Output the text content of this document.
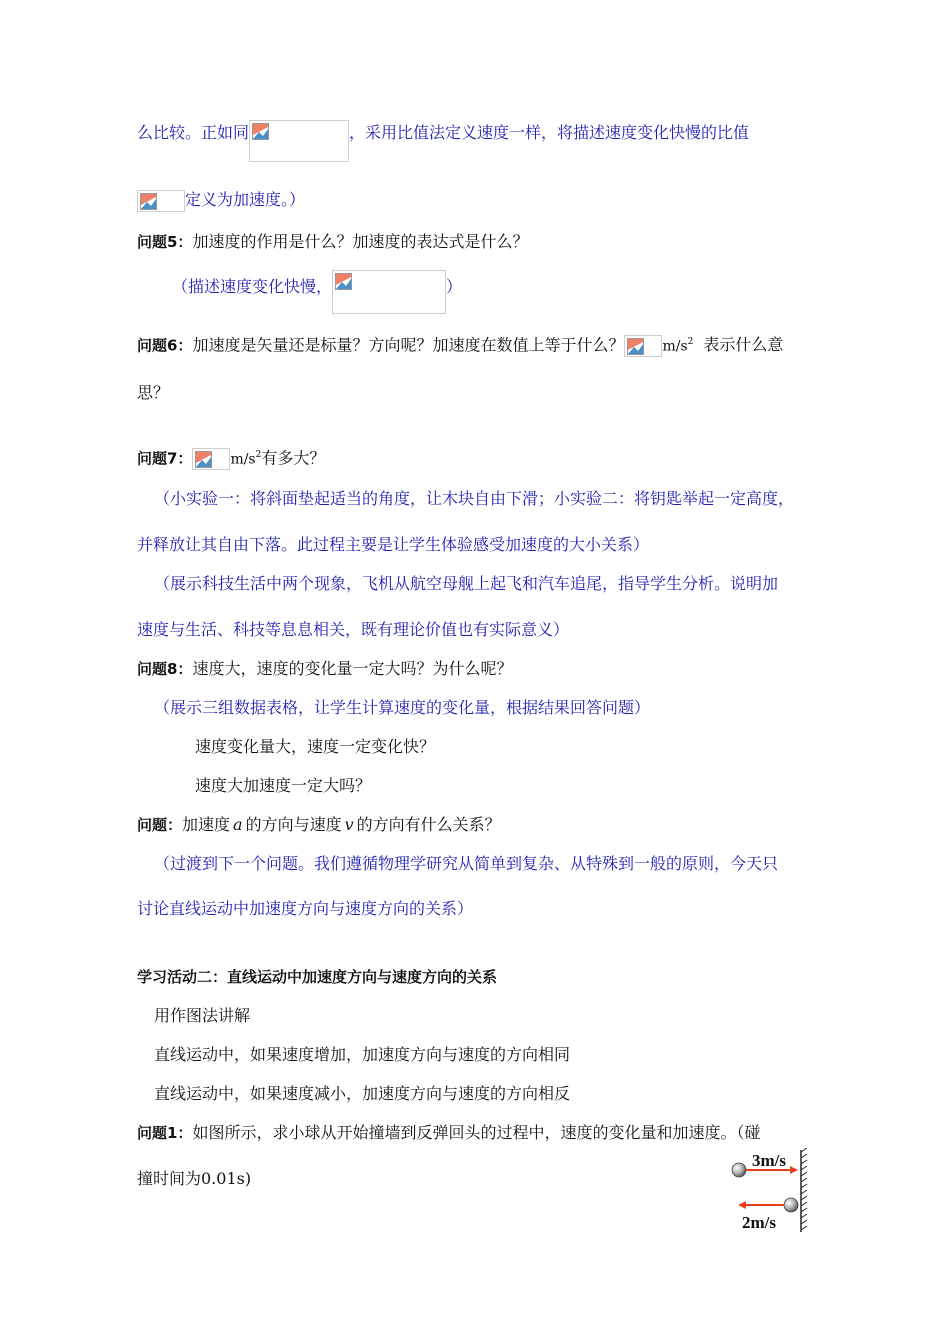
么比较。正如同	，采用比值法定义速度一样，将描述速度变化快慢的比值
定义为加速度。）
问题5：加速度的作用是什么？加速度的表达式是什么？
（描述速度变化快慢，	）
问题6：加速度是矢量还是标量？方向呢？加速度在数值上等于什么？	$m/s^2$ 表示什么意
思？
问题7：	$m/s^2$有多大？
（小实验一：将斜面垫起适当的角度，让木块自由下滑；小实验二：将钥匙举起一定高度，
并释放让其自由下落。此过程主要是让学生体验感受加速度的大小关系）
（展示科技生活中两个现象，飞机从航空母舰上起飞和汽车追尾，指导学生分析。说明加
速度与生活、科技等息息相关，既有理论价值也有实际意义）
问题8：速度大，速度的变化量一定大吗？为什么呢？
（展示三组数据表格，让学生计算速度的变化量，根据结果回答问题）
速度变化量大，速度一定变化快？
速度大加速度一定大吗？
问题：加速度 a 的方向与速度 v 的方向有什么关系？
（过渡到下一个问题。我们遵循物理学研究从简单到复杂、从特殊到一般的原则，今天只
讨论直线运动中加速度方向与速度方向的关系）
学习活动二：直线运动中加速度方向与速度方向的关系
用作图法讲解
直线运动中，如果速度增加，加速度方向与速度的方向相同
直线运动中，如果速度减小，加速度方向与速度的方向相反
问题1：如图所示，求小球从开始撞墙到反弹回头的过程中，速度的变化量和加速度。（碰
撞时间为0.01s)
3m/s
2m/s
